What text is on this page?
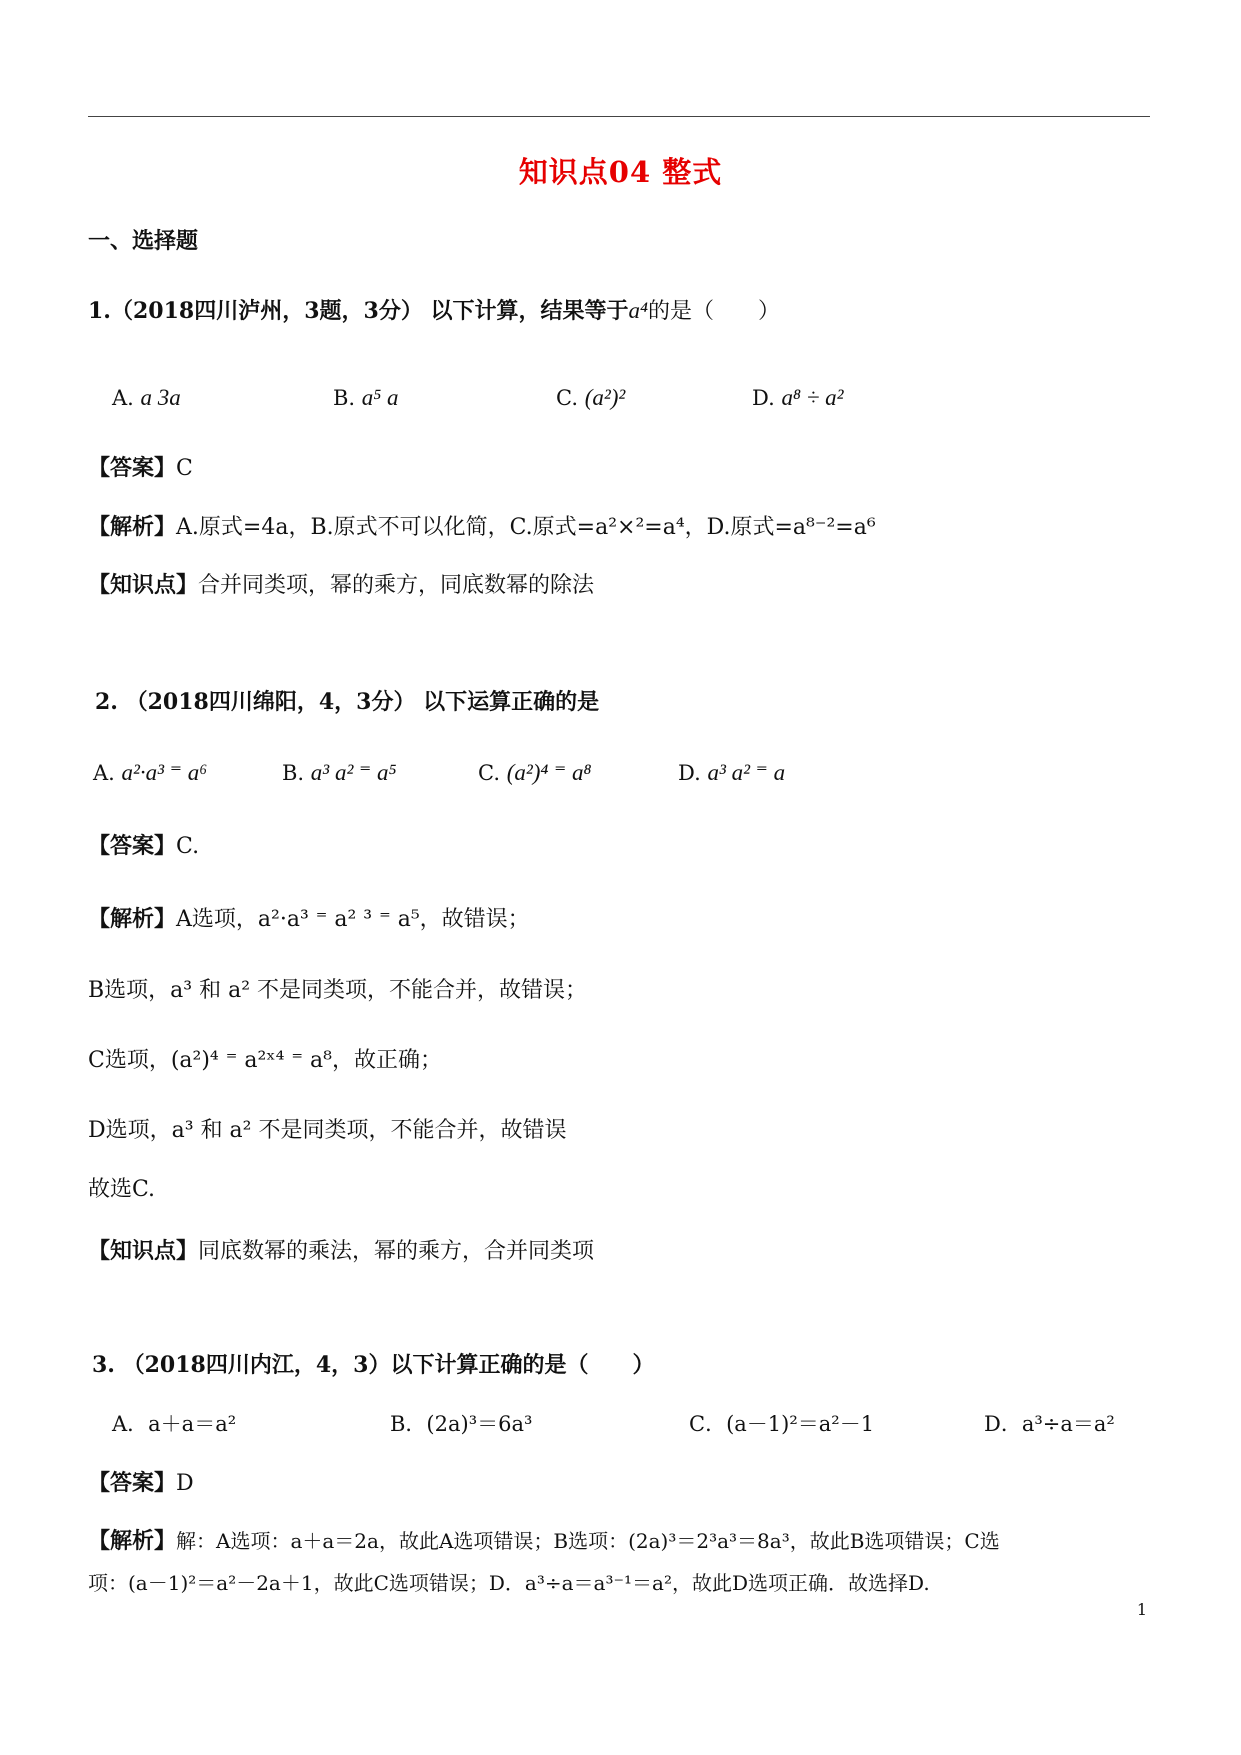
知识点04 整式
一、选择题
1.（2018四川泸州，3题，3分） 以下计算，结果等于a⁴的是（　　）
A. a 3a	B. a⁵ a	C. (a²)²	D. a⁸ ÷ a²
【答案】C
【解析】A.原式=4a，B.原式不可以化简，C.原式=a²×²=a⁴，D.原式=a⁸⁻²=a⁶
【知识点】合并同类项，幂的乘方，同底数幂的除法
2. （2018四川绵阳，4，3分） 以下运算正确的是
A. a²·a³ ⁼ a⁶	B. a³ a² ⁼ a⁵	C. (a²)⁴ ⁼ a⁸	D. a³ a² ⁼ a
【答案】C.
【解析】A选项，a²·a³ ⁼ a² ³ ⁼ a⁵，故错误；
B选项，a³ 和 a² 不是同类项，不能合并，故错误；
C选项，(a²)⁴ ⁼ a²ˣ⁴ ⁼ a⁸，故正确；
D选项，a³ 和 a² 不是同类项，不能合并，故错误
故选C.
【知识点】同底数幂的乘法，幂的乘方，合并同类项
3. （2018四川内江，4，3）以下计算正确的是（　　）
A．a＋a＝a²	B．(2a)³＝6a³	C．(a－1)²＝a²－1	D．a³÷a＝a²
【答案】D
【解析】解：A选项：a＋a＝2a，故此A选项错误；B选项：(2a)³＝2³a³＝8a³，故此B选项错误；C选
项：(a－1)²＝a²－2a＋1，故此C选项错误；D．a³÷a＝a³⁻¹＝a²，故此D选项正确．故选择D.
1
